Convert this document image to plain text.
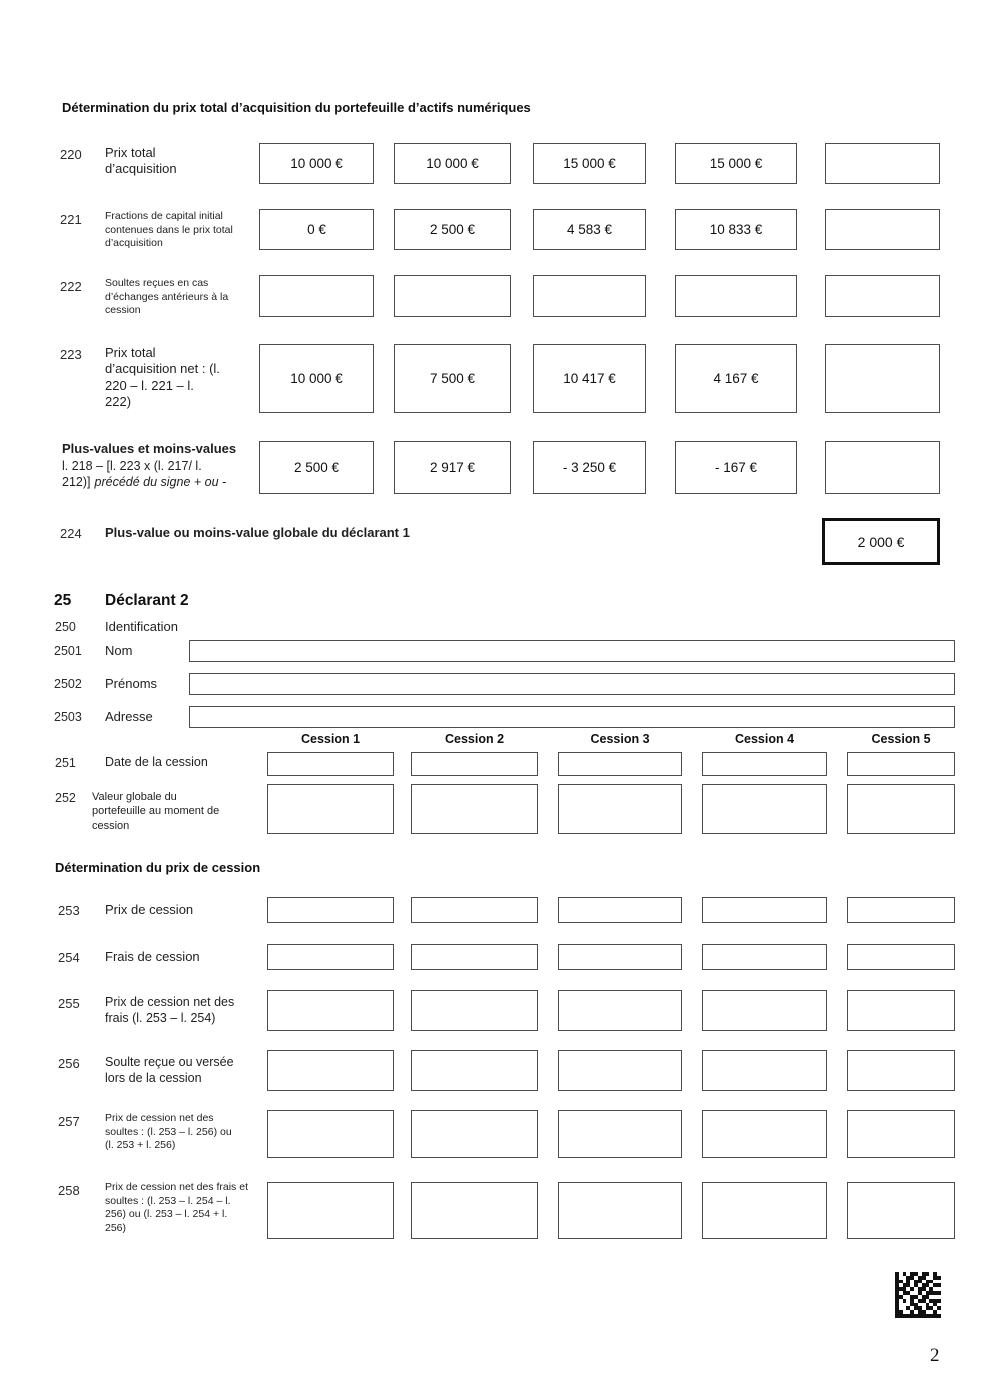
Détermination du prix total d’acquisition du portefeuille d’actifs numériques
220 Prix total d’acquisition	10 000 €	10 000 €	15 000 €	15 000 €
221 Fractions de capital initial contenues dans le prix total d’acquisition
0 €	2 500 €	4 583 €	10 833 €
222 Soultes reçues en cas d’échanges antérieurs à la cession
223 Prix total d’acquisition net : (l. 220 – l. 221 – l. 222)
10 000 €	7 500 €	10 417 €	4 167 €
Plus-values et moins-values
l. 218 – [l. 223 x (l. 217/ l. 212)] précédé du signe + ou -
2 500 €	2 917 €	- 3 250 €	- 167 €
224 Plus-value ou moins-value globale du déclarant 1
2 000 €
25 Déclarant 2
250 Identification
2501 Nom
2502 Prénoms
2503 Adresse
Cession 1	Cession 2	Cession 3	Cession 4	Cession 5
251 Date de la cession
252 Valeur globale du portefeuille au moment de cession
Détermination du prix de cession
253 Prix de cession
254 Frais de cession
255 Prix de cession net des frais (l. 253 – l. 254)
256 Soulte reçue ou versée lors de la cession
257 Prix de cession net des soultes : (l. 253 – l. 256) ou (l. 253 + l. 256)
258 Prix de cession net des frais et soultes : (l. 253 – l. 254 – l. 256) ou (l. 253 – l. 254 + l. 256)
2
